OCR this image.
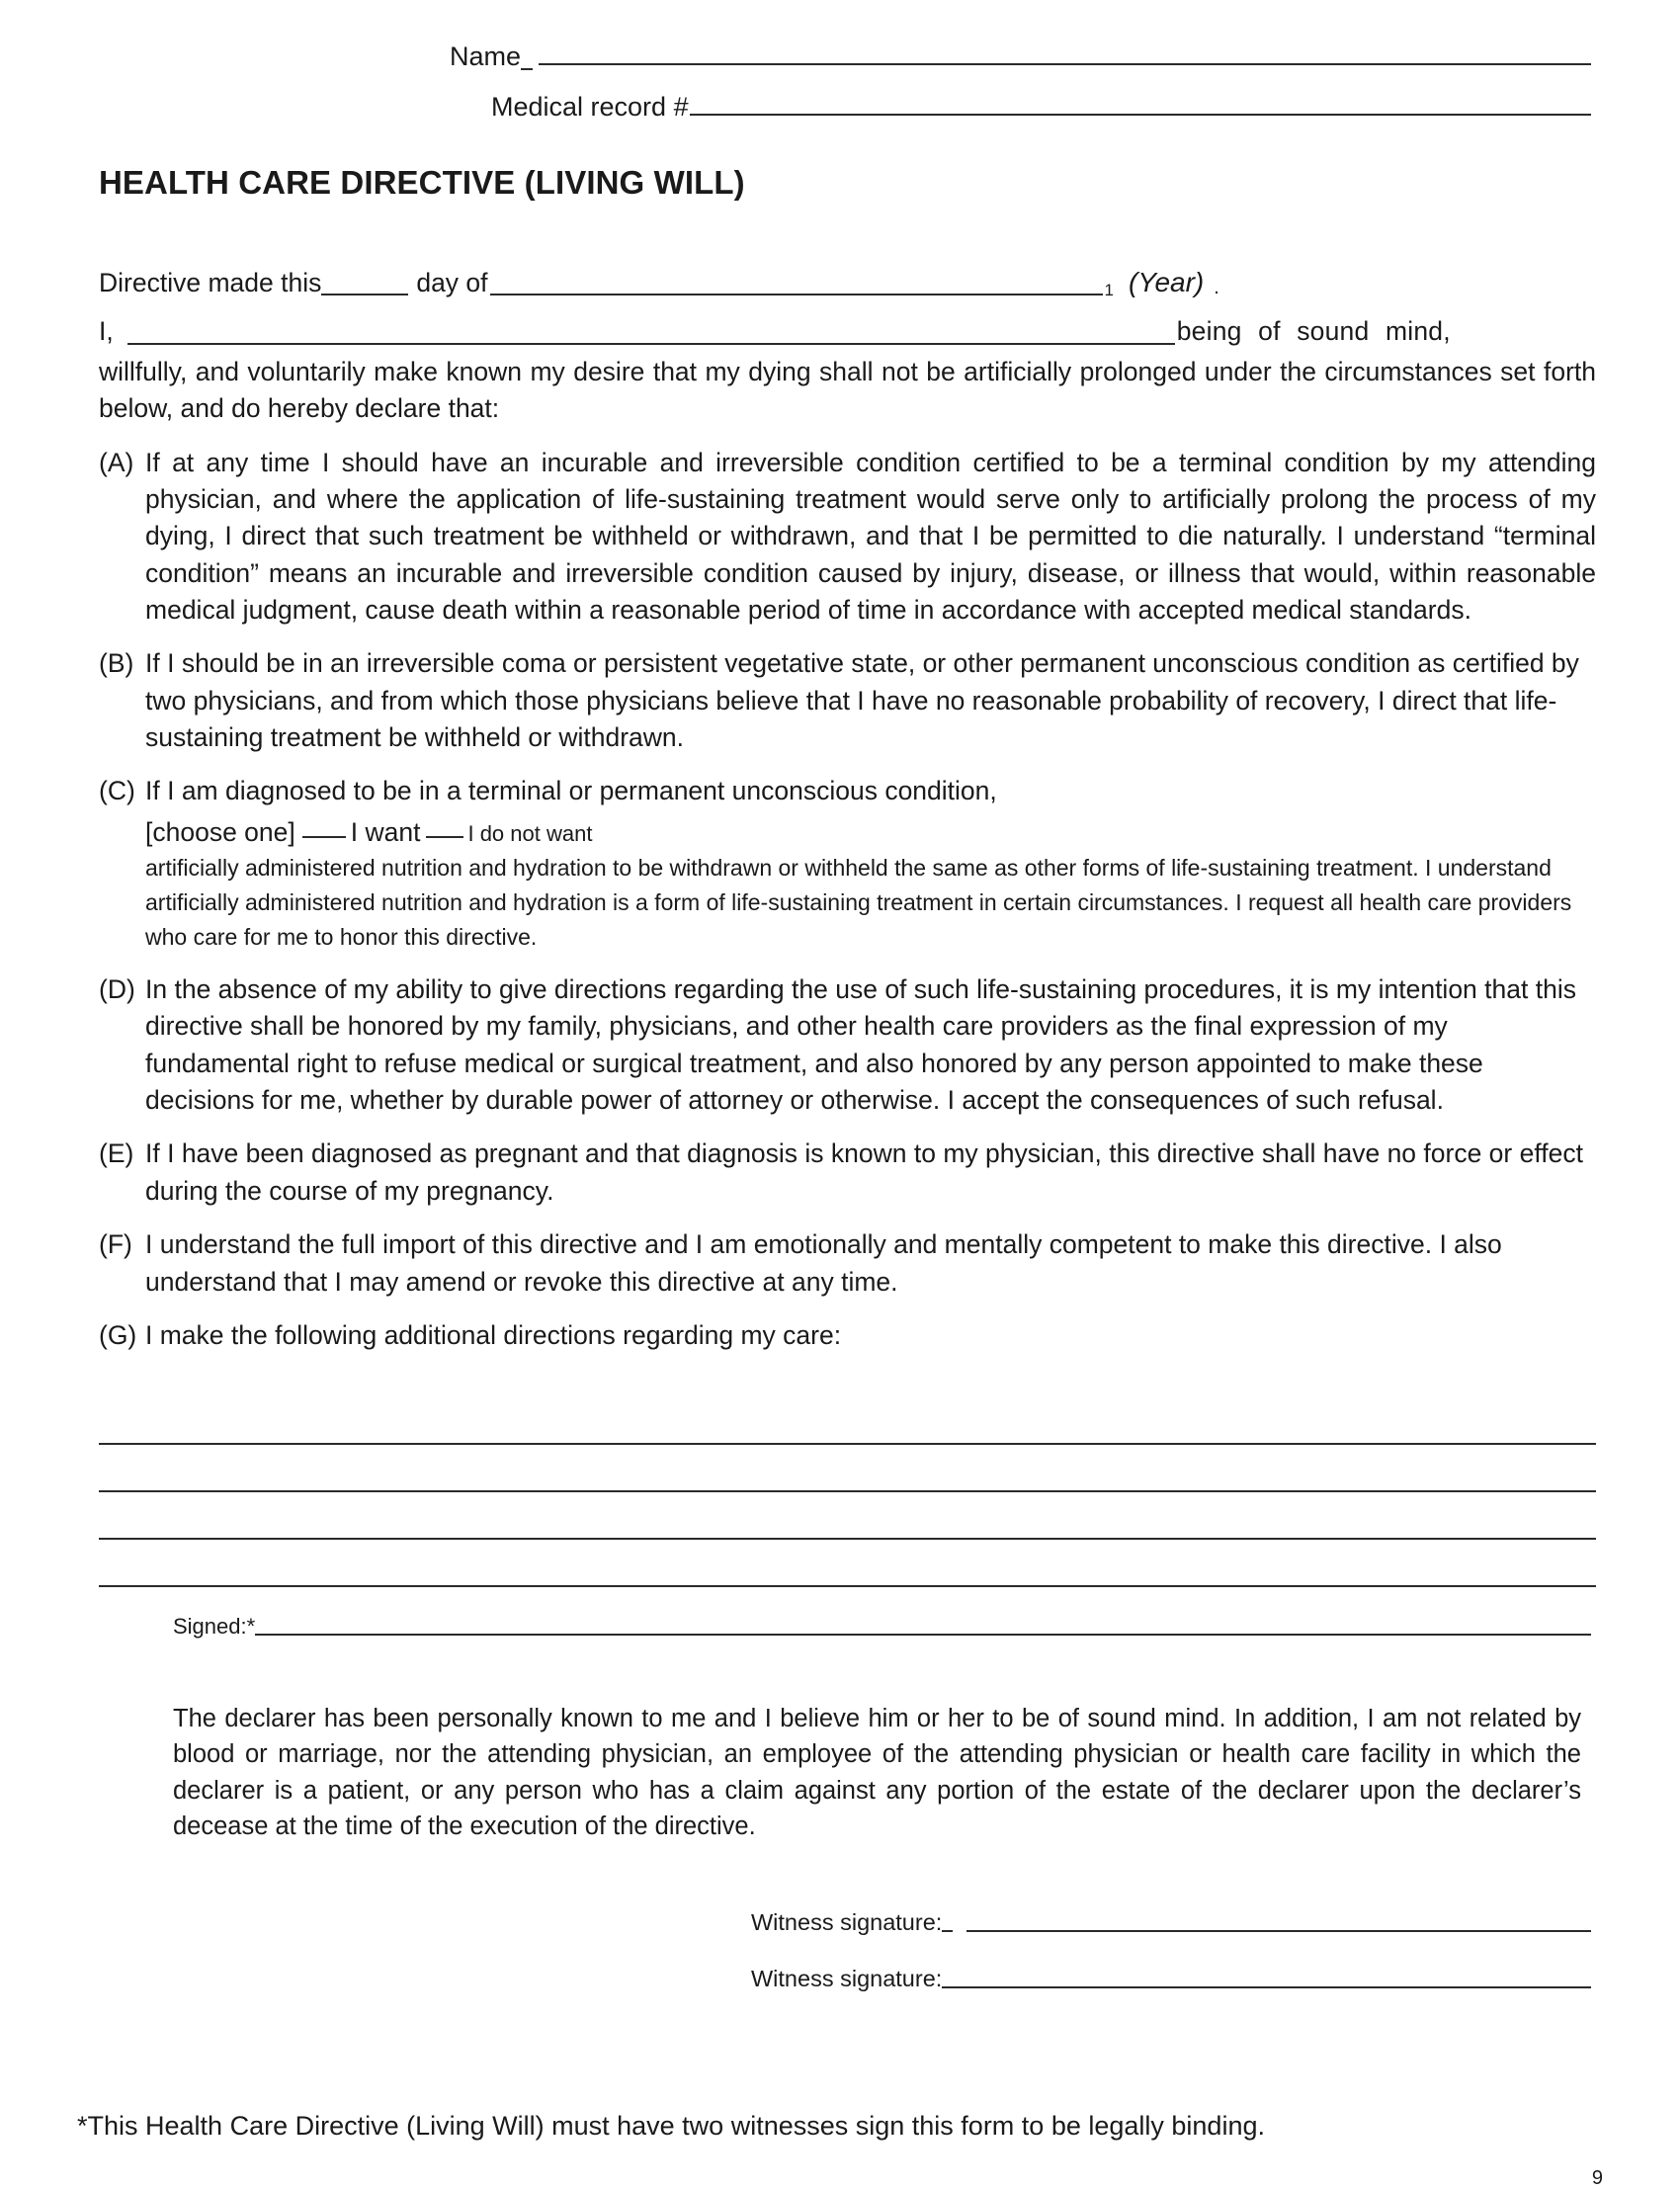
Name
Medical record #
HEALTH CARE DIRECTIVE (LIVING WILL)
Directive made this	day of	1 (Year) .
I,	being of sound mind,
willfully, and voluntarily make known my desire that my dying shall not be artificially prolonged under the circumstances set forth below, and do hereby declare that:
(A) If at any time I should have an incurable and irreversible condition certified to be a terminal condition by my attending physician, and where the application of life-sustaining treatment would serve only to artificially prolong the process of my dying, I direct that such treatment be withheld or withdrawn, and that I be permitted to die naturally. I understand “terminal condition” means an incurable and irreversible condition caused by injury, disease, or illness that would, within reasonable medical judgment, cause death within a reasonable period of time in accordance with accepted medical standards.

(B) If I should be in an irreversible coma or persistent vegetative state, or other permanent unconscious condition as certified by two physicians, and from which those physicians believe that I have no reasonable probability of recovery, I direct that life-sustaining treatment be withheld or withdrawn.

(C) If I am diagnosed to be in a terminal or permanent unconscious condition,

[choose one] I want I do not want

artificially administered nutrition and hydration to be withdrawn or withheld the same as other forms of life-sustaining treatment. I understand artificially administered nutrition and hydration is a form of life-sustaining treatment in certain circumstances. I request all health care providers who care for me to honor this directive.

(D) In the absence of my ability to give directions regarding the use of such life-sustaining procedures, it is my intention that this directive shall be honored by my family, physicians, and other health care providers as the final expression of my fundamental right to refuse medical or surgical treatment, and also honored by any person appointed to make these decisions for me, whether by durable power of attorney or otherwise. I accept the consequences of such refusal.

(E) If I have been diagnosed as pregnant and that diagnosis is known to my physician, this directive shall have no force or effect during the course of my pregnancy.

(F) I understand the full import of this directive and I am emotionally and mentally competent to make this directive. I also understand that I may amend or revoke this directive at any time.

(G) I make the following additional directions regarding my care:

Signed:*
The declarer has been personally known to me and I believe him or her to be of sound mind. In addition, I am not related by blood or marriage, nor the attending physician, an employee of the attending physician or health care facility in which the declarer is a patient, or any person who has a claim against any portion of the estate of the declarer upon the declarer’s decease at the time of the execution of the directive.
Witness signature:
Witness signature:
*This Health Care Directive (Living Will) must have two witnesses sign this form to be legally binding.
9
